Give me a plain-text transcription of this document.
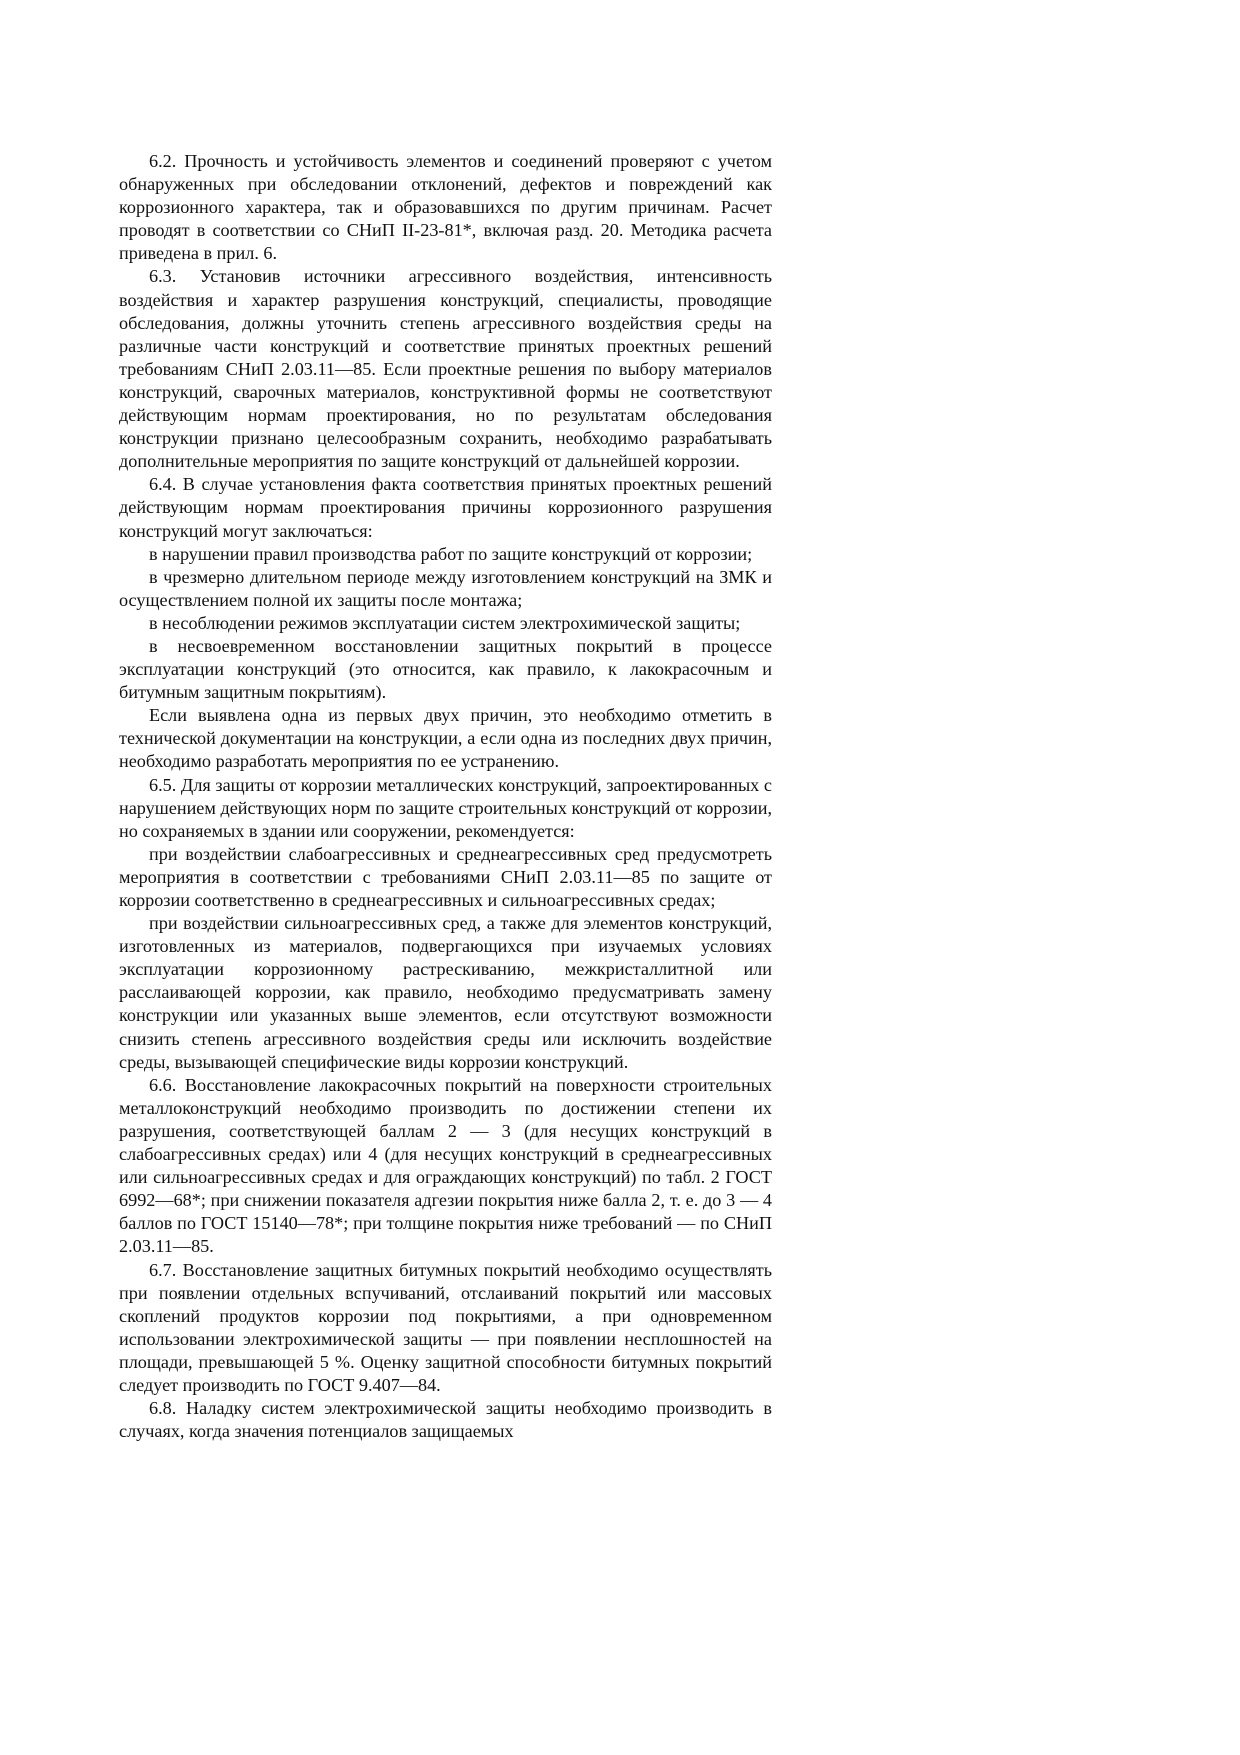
6.2. Прочность и устойчивость элементов и соединений проверяют с учетом обнаруженных при обследовании отклонений, дефектов и повреждений как коррозионного характера, так и образовавшихся по другим причинам. Расчет проводят в соответствии со СНиП II-23-81*, включая разд. 20. Методика расчета приведена в прил. 6.

6.3. Установив источники агрессивного воздействия, интенсивность воздействия и характер разрушения конструкций, специалисты, проводящие обследования, должны уточнить степень агрессивного воздействия среды на различные части конструкций и соответствие принятых проектных решений требованиям СНиП 2.03.11—85. Если проектные решения по выбору материалов конструкций, сварочных материалов, конструктивной формы не соответствуют действующим нормам проектирования, но по результатам обследования конструкции признано целесообразным сохранить, необходимо разрабатывать дополнительные мероприятия по защите конструкций от дальнейшей коррозии.

6.4. В случае установления факта соответствия принятых проектных решений действующим нормам проектирования причины коррозионного разрушения конструкций могут заключаться:

в нарушении правил производства работ по защите конструкций от коррозии;

в чрезмерно длительном периоде между изготовлением конструкций на ЗМК и осуществлением полной их защиты после монтажа;

в несоблюдении режимов эксплуатации систем электрохимической защиты;

в несвоевременном восстановлении защитных покрытий в процессе эксплуатации конструкций (это относится, как правило, к лакокрасочным и битумным защитным покрытиям).

Если выявлена одна из первых двух причин, это необходимо отметить в технической документации на конструкции, а если одна из последних двух причин, необходимо разработать мероприятия по ее устранению.

6.5. Для защиты от коррозии металлических конструкций, запроектированных с нарушением действующих норм по защите строительных конструкций от коррозии, но сохраняемых в здании или сооружении, рекомендуется:

при воздействии слабоагрессивных и среднеагрессивных сред предусмотреть мероприятия в соответствии с требованиями СНиП 2.03.11—85 по защите от коррозии соответственно в среднеагрессивных и сильноагрессивных средах;

при воздействии сильноагрессивных сред, а также для элементов конструкций, изготовленных из материалов, подвергающихся при изучаемых условиях эксплуатации коррозионному растрескиванию, межкристаллитной или расслаивающей коррозии, как правило, необходимо предусматривать замену конструкции или указанных выше элементов, если отсутствуют возможности снизить степень агрессивного воздействия среды или исключить воздействие среды, вызывающей специфические виды коррозии конструкций.

6.6. Восстановление лакокрасочных покрытий на поверхности строительных металлоконструкций необходимо производить по достижении степени их разрушения, соответствующей баллам 2 — 3 (для несущих конструкций в слабоагрессивных средах) или 4 (для несущих конструкций в среднеагрессивных или сильноагрессивных средах и для ограждающих конструкций) по табл. 2 ГОСТ 6992—68*; при снижении показателя адгезии покрытия ниже балла 2, т. е. до 3 — 4 баллов по ГОСТ 15140—78*; при толщине покрытия ниже требований — по СНиП 2.03.11—85.

6.7. Восстановление защитных битумных покрытий необходимо осуществлять при появлении отдельных вспучиваний, отслаиваний покрытий или массовых скоплений продуктов коррозии под покрытиями, а при одновременном использовании электрохимической защиты — при появлении несплошностей на площади, превышающей 5 %. Оценку защитной способности битумных покрытий следует производить по ГОСТ 9.407—84.

6.8. Наладку систем электрохимической защиты необходимо производить в случаях, когда значения потенциалов защищаемых
